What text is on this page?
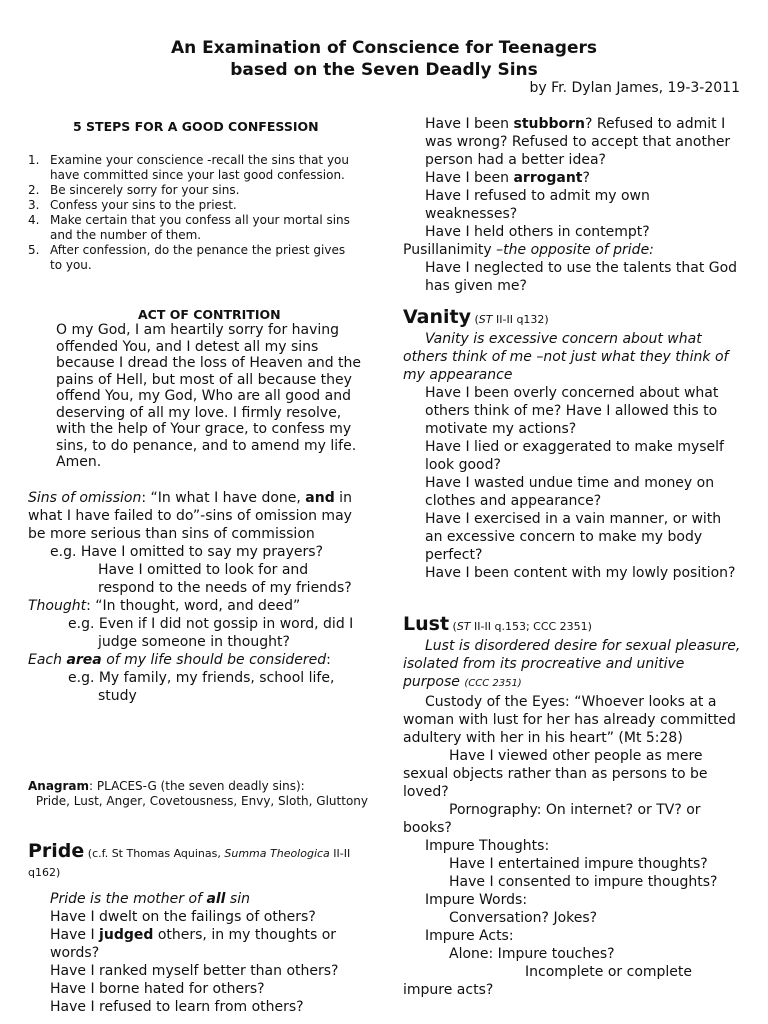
An Examination of Conscience for Teenagers
based on the Seven Deadly Sins
by Fr. Dylan James, 19-3-2011
5 STEPS FOR A GOOD CONFESSION
1. Examine your conscience -recall the sins that you have committed since your last good confession.
2. Be sincerely sorry for your sins.
3. Confess your sins to the priest.
4. Make certain that you confess all your mortal sins and the number of them.
5. After confession, do the penance the priest gives to you.
ACT OF CONTRITION
O my God, I am heartily sorry for having offended You, and I detest all my sins because I dread the loss of Heaven and the pains of Hell, but most of all because they offend You, my God, Who are all good and deserving of all my love. I firmly resolve, with the help of Your grace, to confess my sins, to do penance, and to amend my life. Amen.
Sins of omission: “In what I have done, and in what I have failed to do”-sins of omission may be more serious than sins of commission
e.g. Have I omitted to say my prayers?
Have I omitted to look for and respond to the needs of my friends?
Thought: “In thought, word, and deed”
e.g. Even if I did not gossip in word, did I judge someone in thought?
Each area of my life should be considered:
e.g. My family, my friends, school life, study
Anagram: PLACES-G (the seven deadly sins):
Pride, Lust, Anger, Covetousness, Envy, Sloth, Gluttony
Pride (c.f. St Thomas Aquinas, Summa Theologica II-II q162)
Pride is the mother of all sin
Have I dwelt on the failings of others?
Have I judged others, in my thoughts or words?
Have I ranked myself better than others?
Have I borne hated for others?
Have I refused to learn from others?
Have I been stubborn? Refused to admit I was wrong? Refused to accept that another person had a better idea?
Have I been arrogant?
Have I refused to admit my own weaknesses?
Have I held others in contempt?
Pusillanimity –the opposite of pride:
Have I neglected to use the talents that God has given me?
Vanity (ST II-II q132)
Vanity is excessive concern about what others think of me –not just what they think of my appearance
Have I been overly concerned about what others think of me? Have I allowed this to motivate my actions?
Have I lied or exaggerated to make myself look good?
Have I wasted undue time and money on clothes and appearance?
Have I exercised in a vain manner, or with an excessive concern to make my body perfect?
Have I been content with my lowly position?
Lust (ST II-II q.153; CCC 2351)
Lust is disordered desire for sexual pleasure, isolated from its procreative and unitive purpose (CCC 2351)
Custody of the Eyes: “Whoever looks at a woman with lust for her has already committed adultery with her in his heart” (Mt 5:28)
Have I viewed other people as mere sexual objects rather than as persons to be loved?
Pornography: On internet? or TV? or books?
Impure Thoughts:
Have I entertained impure thoughts?
Have I consented to impure thoughts?
Impure Words:
Conversation? Jokes?
Impure Acts:
Alone: Impure touches?
Incomplete or complete impure acts?
